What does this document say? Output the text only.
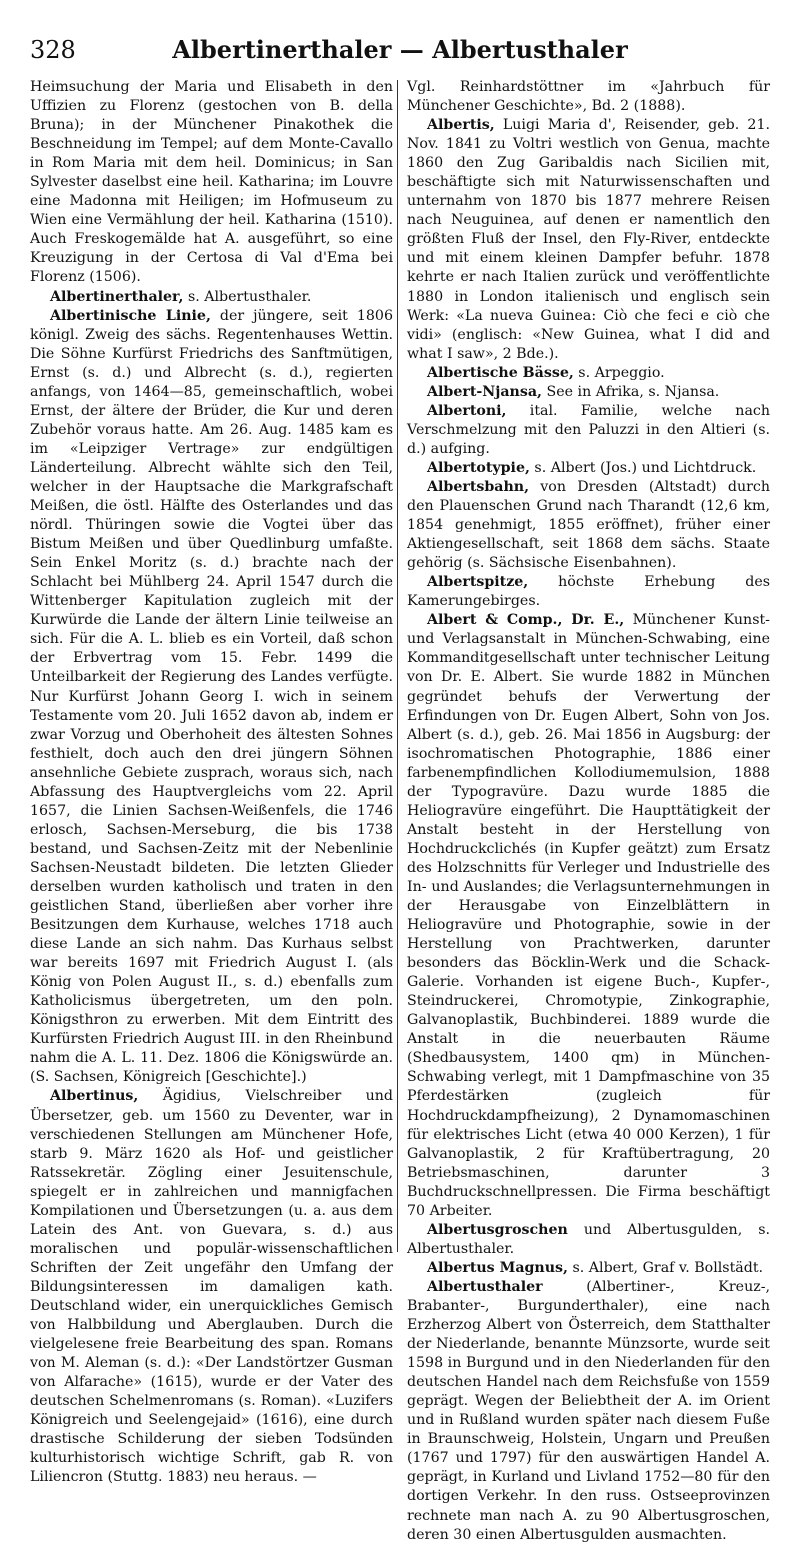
328	Albertinerthaler — Albertusthaler

Heimsuchung der Maria und Elisabeth in den Uffizien zu Florenz (gestochen von B. della Bruna); in der Münchener Pinakothek die Beschneidung im Tempel; auf dem Monte-Cavallo in Rom Maria mit dem heil. Dominicus; in San Sylvester daselbst eine heil. Katharina; im Louvre eine Madonna mit Heiligen; im Hofmuseum zu Wien eine Vermählung der heil. Katharina (1510). Auch Freskogemälde hat A. ausgeführt, so eine Kreuzigung in der Certosa di Val d'Ema bei Florenz (1506).

Albertinerthaler, s. Albertusthaler.

Albertinische Linie, der jüngere, seit 1806 königl. Zweig des sächs. Regentenhauses Wettin. Die Söhne Kurfürst Friedrichs des Sanftmütigen, Ernst (s. d.) und Albrecht (s. d.), regierten anfangs, von 1464—85, gemeinschaftlich, wobei Ernst, der ältere der Brüder, die Kur und deren Zubehör voraus hatte. Am 26. Aug. 1485 kam es im «Leipziger Vertrage» zur endgültigen Länderteilung. Albrecht wählte sich den Teil, welcher in der Hauptsache die Markgrafschaft Meißen, die östl. Hälfte des Osterlandes und das nördl. Thüringen sowie die Vogtei über das Bistum Meißen und über Quedlinburg umfaßte. Sein Enkel Moritz (s. d.) brachte nach der Schlacht bei Mühlberg 24. April 1547 durch die Wittenberger Kapitulation zugleich mit der Kurwürde die Lande der ältern Linie teilweise an sich. Für die A. L. blieb es ein Vorteil, daß schon der Erbvertrag vom 15. Febr. 1499 die Unteilbarkeit der Regierung des Landes verfügte. Nur Kurfürst Johann Georg I. wich in seinem Testamente vom 20. Juli 1652 davon ab, indem er zwar Vorzug und Oberhoheit des ältesten Sohnes festhielt, doch auch den drei jüngern Söhnen ansehnliche Gebiete zusprach, woraus sich, nach Abfassung des Hauptvergleichs vom 22. April 1657, die Linien Sachsen-Weißenfels, die 1746 erlosch, Sachsen-Merseburg, die bis 1738 bestand, und Sachsen-Zeitz mit der Nebenlinie Sachsen-Neustadt bildeten. Die letzten Glieder derselben wurden katholisch und traten in den geistlichen Stand, überließen aber vorher ihre Besitzungen dem Kurhause, welches 1718 auch diese Lande an sich nahm. Das Kurhaus selbst war bereits 1697 mit Friedrich August I. (als König von Polen August II., s. d.) ebenfalls zum Katholicismus übergetreten, um den poln. Königsthron zu erwerben. Mit dem Eintritt des Kurfürsten Friedrich August III. in den Rheinbund nahm die A. L. 11. Dez. 1806 die Königswürde an. (S. Sachsen, Königreich [Geschichte].)

Albertinus, Ägidius, Vielschreiber und Übersetzer, geb. um 1560 zu Deventer, war in verschiedenen Stellungen am Münchener Hofe, starb 9. März 1620 als Hof- und geistlicher Ratssekretär. Zögling einer Jesuitenschule, spiegelt er in zahlreichen und mannigfachen Kompilationen und Übersetzungen (u. a. aus dem Latein des Ant. von Guevara, s. d.) aus moralischen und populär-wissenschaftlichen Schriften der Zeit ungefähr den Umfang der Bildungsinteressen im damaligen kath. Deutschland wider, ein unerquickliches Gemisch von Halbbildung und Aberglauben. Durch die vielgelesene freie Bearbeitung des span. Romans von M. Aleman (s. d.): «Der Landstörtzer Gusman von Alfarache» (1615), wurde er der Vater des deutschen Schelmenromans (s. Roman). «Luzifers Königreich und Seelengejaid» (1616), eine durch drastische Schilderung der sieben Todsünden kulturhistorisch wichtige Schrift, gab R. von Liliencron (Stuttg. 1883) neu heraus. —

Vgl. Reinhardstöttner im «Jahrbuch für Münchener Geschichte», Bd. 2 (1888).

Albertis, Luigi Maria d', Reisender, geb. 21. Nov. 1841 zu Voltri westlich von Genua, machte 1860 den Zug Garibaldis nach Sicilien mit, beschäftigte sich mit Naturwissenschaften und unternahm von 1870 bis 1877 mehrere Reisen nach Neuguinea, auf denen er namentlich den größten Fluß der Insel, den Fly-River, entdeckte und mit einem kleinen Dampfer befuhr. 1878 kehrte er nach Italien zurück und veröffentlichte 1880 in London italienisch und englisch sein Werk: «La nueva Guinea: Ciò che feci e ciò che vidi» (englisch: «New Guinea, what I did and what I saw», 2 Bde.).

Albertische Bässe, s. Arpeggio.

Albert-Njansa, See in Afrika, s. Njansa.

Albertoni, ital. Familie, welche nach Verschmelzung mit den Paluzzi in den Altieri (s. d.) aufging.

Albertotypie, s. Albert (Jos.) und Lichtdruck.

Albertsbahn, von Dresden (Altstadt) durch den Plauenschen Grund nach Tharandt (12,6 km, 1854 genehmigt, 1855 eröffnet), früher einer Aktiengesellschaft, seit 1868 dem sächs. Staate gehörig (s. Sächsische Eisenbahnen).

Albertspitze, höchste Erhebung des Kamerungebirges.

Albert & Comp., Dr. E., Münchener Kunst- und Verlagsanstalt in München-Schwabing, eine Kommanditgesellschaft unter technischer Leitung von Dr. E. Albert. Sie wurde 1882 in München gegründet behufs der Verwertung der Erfindungen von Dr. Eugen Albert, Sohn von Jos. Albert (s. d.), geb. 26. Mai 1856 in Augsburg: der isochromatischen Photographie, 1886 einer farbenempfindlichen Kollodiumemulsion, 1888 der Typogravüre. Dazu wurde 1885 die Heliogravüre eingeführt. Die Haupttätigkeit der Anstalt besteht in der Herstellung von Hochdruckclichés (in Kupfer geätzt) zum Ersatz des Holzschnitts für Verleger und Industrielle des In- und Auslandes; die Verlagsunternehmungen in der Herausgabe von Einzelblättern in Heliogravüre und Photographie, sowie in der Herstellung von Prachtwerken, darunter besonders das Böcklin-Werk und die Schack-Galerie. Vorhanden ist eigene Buch-, Kupfer-, Steindruckerei, Chromotypie, Zinkographie, Galvanoplastik, Buchbinderei. 1889 wurde die Anstalt in die neuerbauten Räume (Shedbausystem, 1400 qm) in München-Schwabing verlegt, mit 1 Dampfmaschine von 35 Pferdestärken (zugleich für Hochdruckdampfheizung), 2 Dynamomaschinen für elektrisches Licht (etwa 40 000 Kerzen), 1 für Galvanoplastik, 2 für Kraftübertragung, 20 Betriebsmaschinen, darunter 3 Buchdruckschnellpressen. Die Firma beschäftigt 70 Arbeiter.

Albertusgroschen und Albertusgulden, s. Albertusthaler.

Albertus Magnus, s. Albert, Graf v. Bollstädt.

Albertusthaler (Albertiner-, Kreuz-, Brabanter-, Burgunderthaler), eine nach Erzherzog Albert von Österreich, dem Statthalter der Niederlande, benannte Münzsorte, wurde seit 1598 in Burgund und in den Niederlanden für den deutschen Handel nach dem Reichsfuße von 1559 geprägt. Wegen der Beliebtheit der A. im Orient und in Rußland wurden später nach diesem Fuße in Braunschweig, Holstein, Ungarn und Preußen (1767 und 1797) für den auswärtigen Handel A. geprägt, in Kurland und Livland 1752—80 für den dortigen Verkehr. In den russ. Ostseeprovinzen rechnete man nach A. zu 90 Albertusgroschen, deren 30 einen Albertusgulden ausmachten.
